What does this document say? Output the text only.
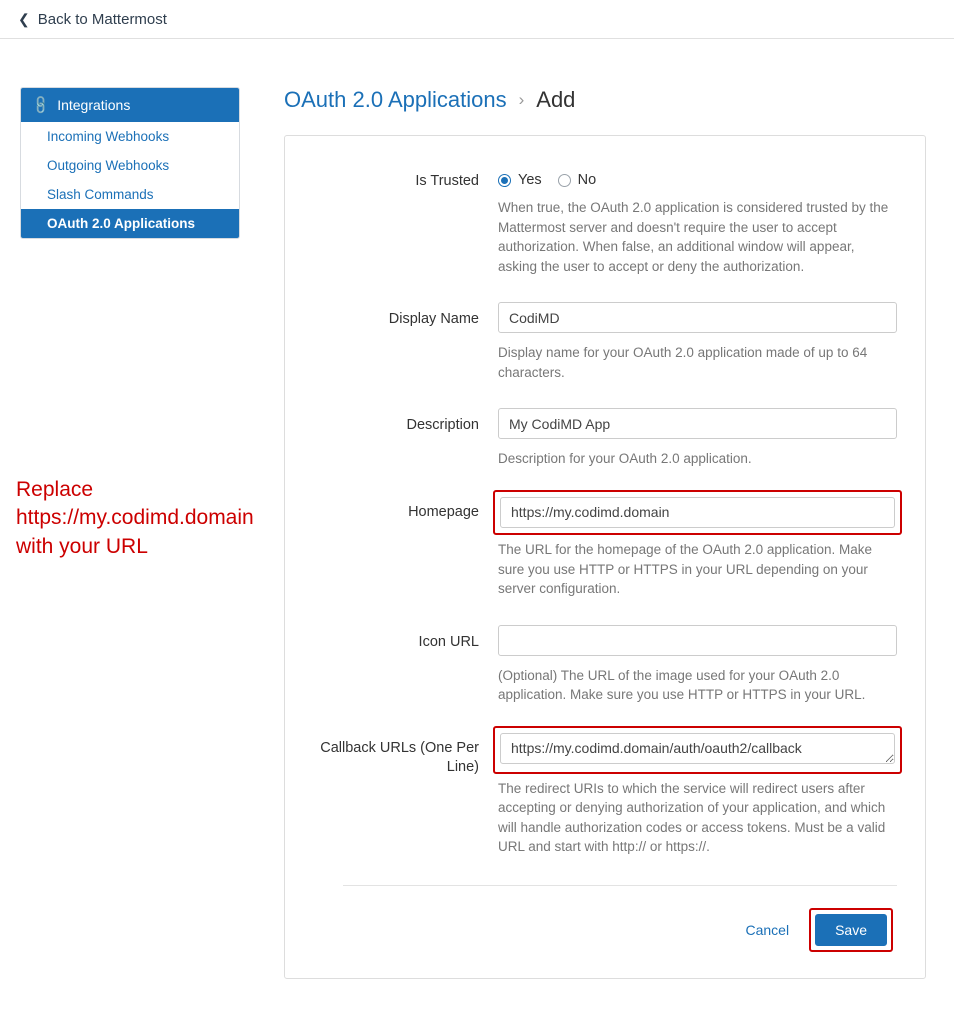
❮ Back to Mattermost
🔗 Integrations
Incoming Webhooks
Outgoing Webhooks
Slash Commands
OAuth 2.0 Applications
OAuth 2.0 Applications › Add
Is Trusted	Yes No
When true, the OAuth 2.0 application is considered trusted by the Mattermost server and doesn't require the user to accept authorization. When false, an additional window will appear, asking the user to accept or deny the authorization.
Display Name
CodiMD
Display name for your OAuth 2.0 application made of up to 64 characters.
Description
My CodiMD App
Description for your OAuth 2.0 application.
Homepage
https://my.codimd.domain
The URL for the homepage of the OAuth 2.0 application. Make sure you use HTTP or HTTPS in your URL depending on your server configuration.
Icon URL
(Optional) The URL of the image used for your OAuth 2.0 application. Make sure you use HTTP or HTTPS in your URL.
Callback URLs (One Per Line)
https://my.codimd.domain/auth/oauth2/callback
The redirect URIs to which the service will redirect users after accepting or denying authorization of your application, and which will handle authorization codes or access tokens. Must be a valid URL and start with http:// or https://.
Cancel	Save
Replace https://my.codimd.domain with your URL
